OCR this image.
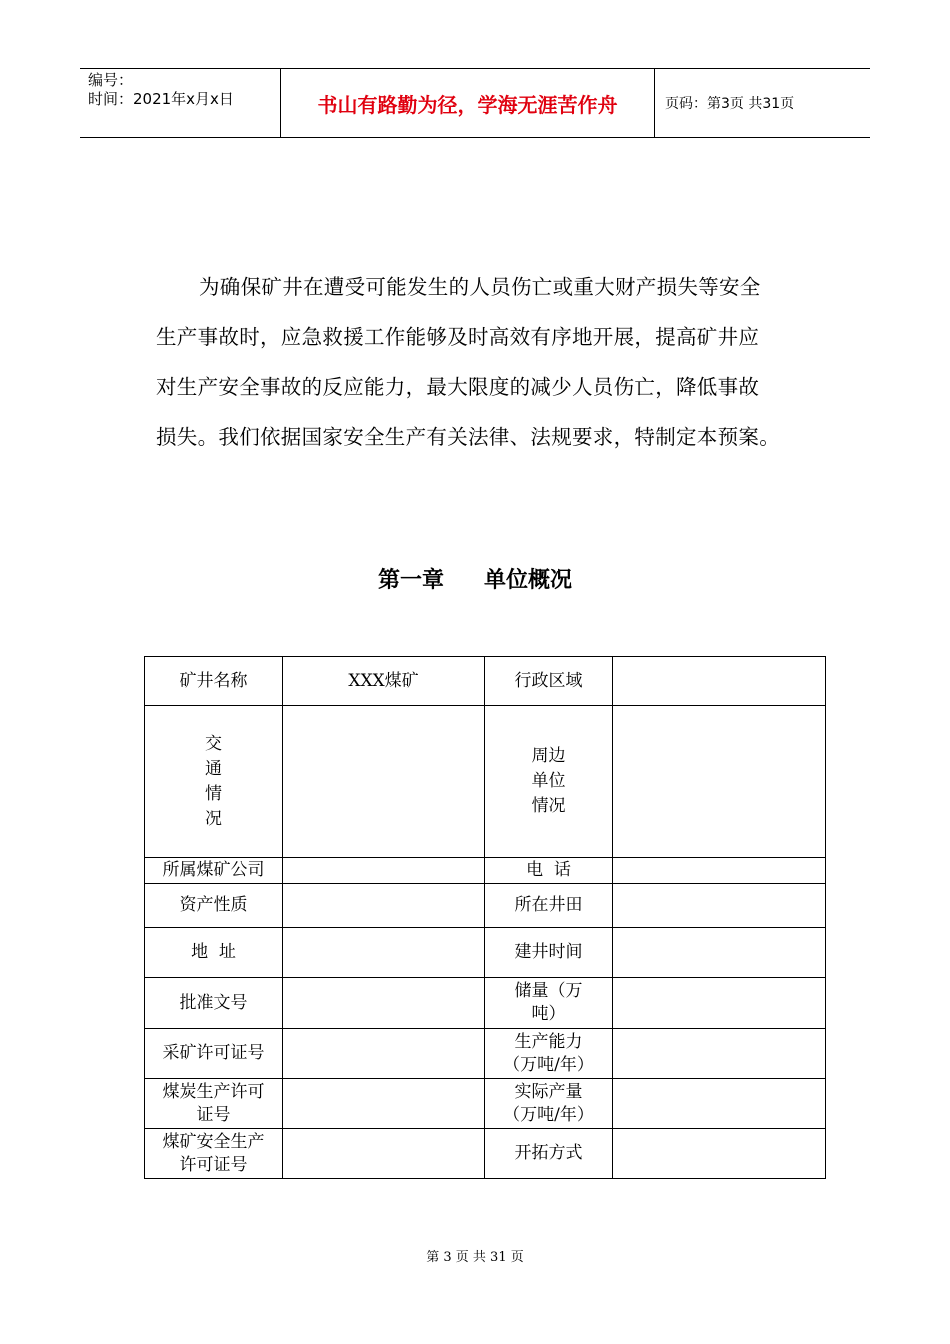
编号：
时间：2021年x月x日	书山有路勤为径，学海无涯苦作舟	页码：第3页 共31页
为确保矿井在遭受可能发生的人员伤亡或重大财产损失等安全
生产事故时，应急救援工作能够及时高效有序地开展，提高矿井应
对生产安全事故的反应能力，最大限度的减少人员伤亡，降低事故
损失。我们依据国家安全生产有关法律、法规要求，特制定本预案。
第一章 单位概况
矿井名称	XXX煤矿	行政区域	
交
通
情
况		周边
单位
情况	
所属煤矿公司		电  话	
资产性质		所在井田	
地  址		建井时间	
批准文号		储量（万
吨）	
采矿许可证号		生产能力
（万吨/年）	
煤炭生产许可
证号		实际产量
（万吨/年）	
煤矿安全生产
许可证号		开拓方式	
第 3 页 共 31 页
